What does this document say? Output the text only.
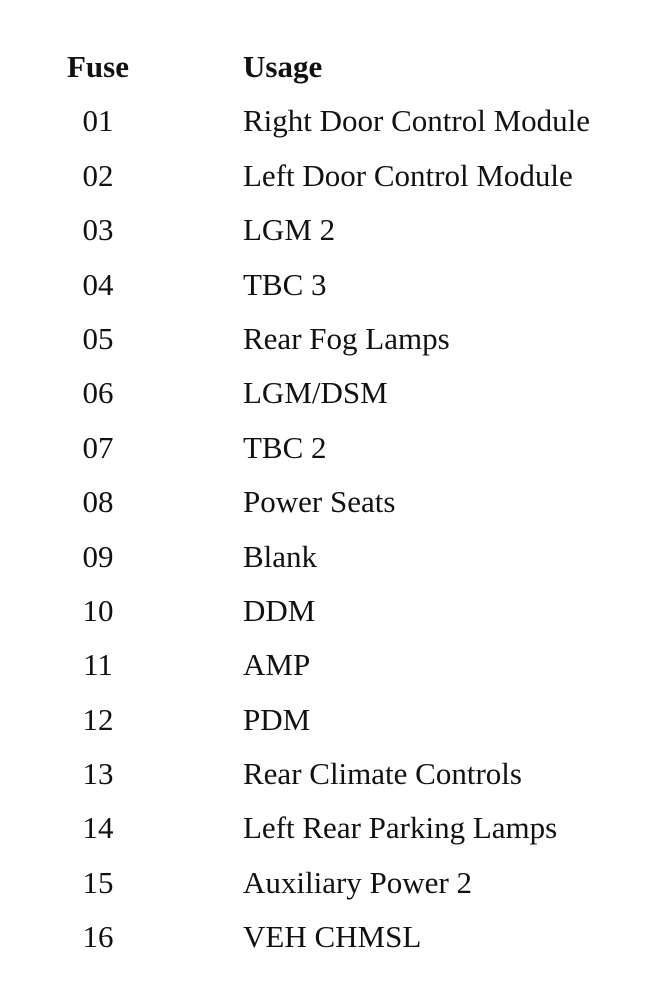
Fuse	Usage
01	Right Door Control Module
02	Left Door Control Module
03	LGM 2
04	TBC 3
05	Rear Fog Lamps
06	LGM/DSM
07	TBC 2
08	Power Seats
09	Blank
10	DDM
11	AMP
12	PDM
13	Rear Climate Controls
14	Left Rear Parking Lamps
15	Auxiliary Power 2
16	VEH CHMSL
